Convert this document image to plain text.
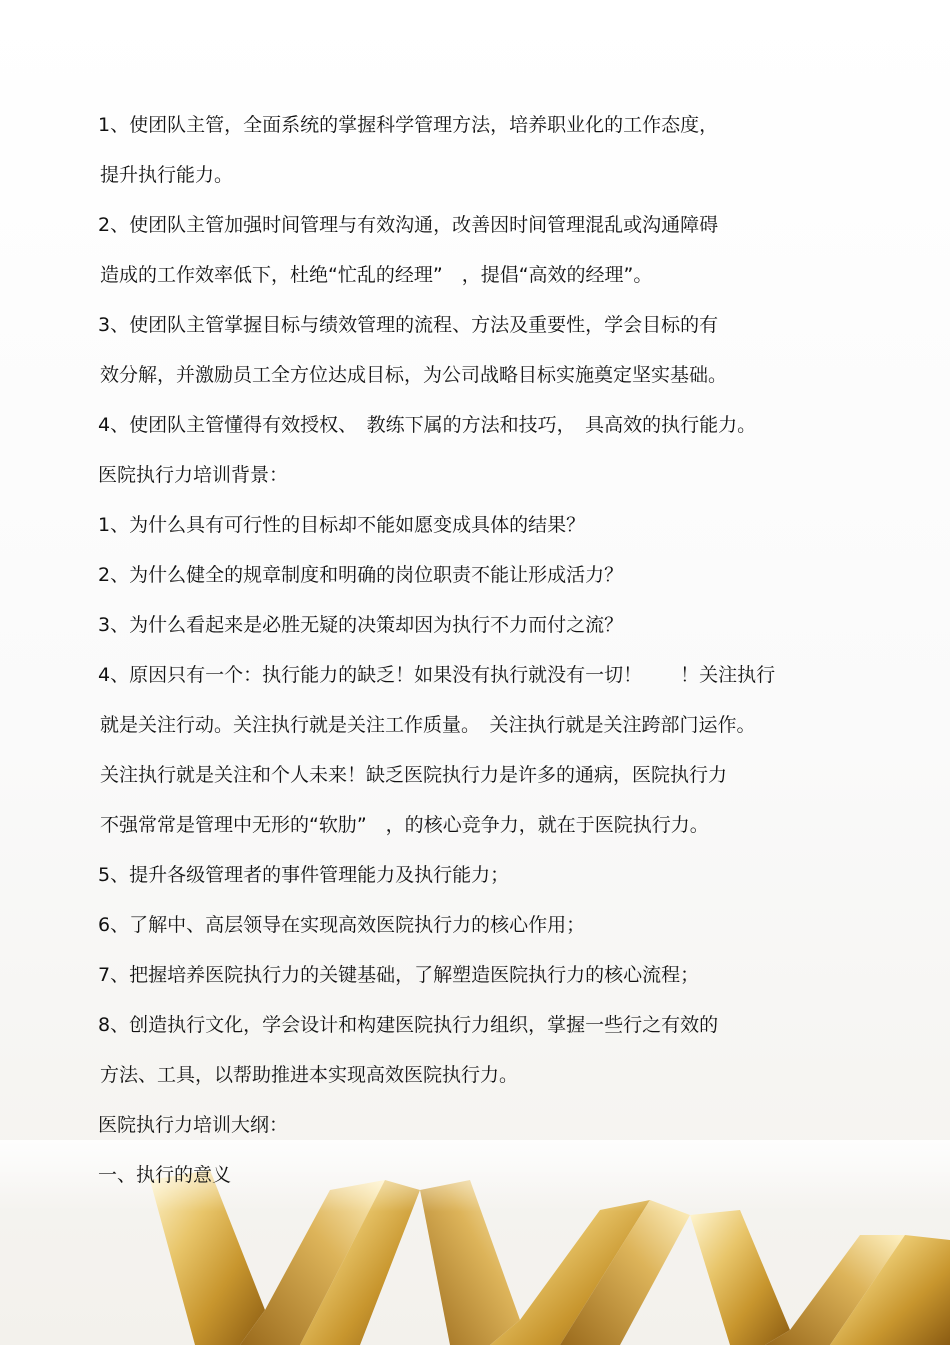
1、使团队主管，全面系统的掌握科学管理方法，培养职业化的工作态度，
提升执行能力。
2、使团队主管加强时间管理与有效沟通，改善因时间管理混乱或沟通障碍
造成的工作效率低下，杜绝“忙乱的经理”　，提倡“高效的经理”。
3、使团队主管掌握目标与绩效管理的流程、方法及重要性，学会目标的有
效分解，并激励员工全方位达成目标，为公司战略目标实施奠定坚实基础。
4、使团队主管懂得有效授权、　教练下属的方法和技巧，　具高效的执行能力。
医院执行力培训背景：
1、为什么具有可行性的目标却不能如愿变成具体的结果？
2、为什么健全的规章制度和明确的岗位职责不能让形成活力？
3、为什么看起来是必胜无疑的决策却因为执行不力而付之流？
4、原因只有一个：执行能力的缺乏！如果没有执行就没有一切！　　！关注执行
就是关注行动。关注执行就是关注工作质量。　关注执行就是关注跨部门运作。
关注执行就是关注和个人未来！缺乏医院执行力是许多的通病，医院执行力
不强常常是管理中无形的“软肋”　，的核心竞争力，就在于医院执行力。
5、提升各级管理者的事件管理能力及执行能力；
6、了解中、高层领导在实现高效医院执行力的核心作用；
7、把握培养医院执行力的关键基础，了解塑造医院执行力的核心流程；
8、创造执行文化，学会设计和构建医院执行力组织，掌握一些行之有效的
方法、工具，以帮助推进本实现高效医院执行力。
医院执行力培训大纲：
一、执行的意义
